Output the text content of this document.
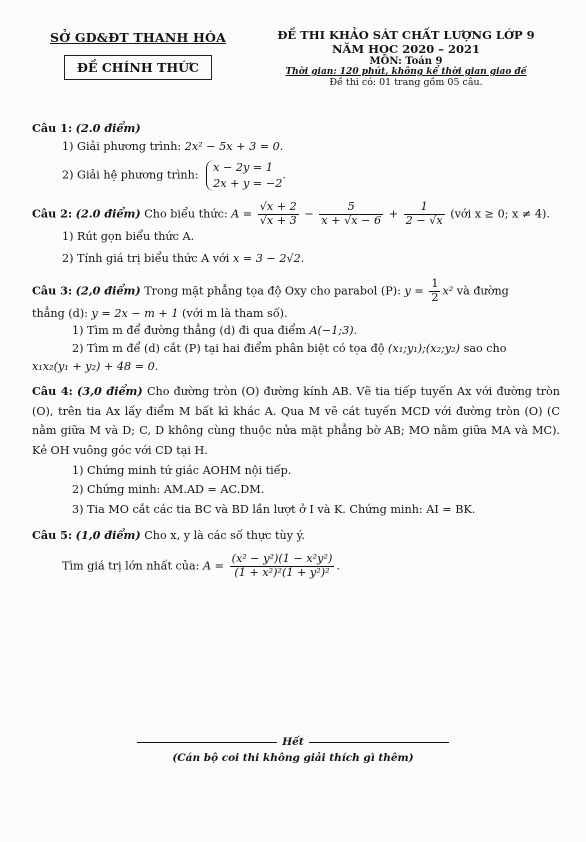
SỞ GD&ĐT THANH HÓA
ĐỀ CHÍNH THỨC
ĐỀ THI KHẢO SÁT CHẤT LƯỢNG LỚP 9
NĂM HỌC 2020 – 2021
MÔN: Toán 9
Thời gian: 120 phút, không kể thời gian giao đề
Đề thi có: 01 trang gồm 05 câu.
Câu 1: (2.0 điểm)
1) Giải phương trình: 2x² − 5x + 3 = 0.
2) Giải hệ phương trình:
x − 2y = 1
2x + y = −2
.
Câu 2: (2.0 điểm) Cho biểu thức: $A = \frac{√x + 2}{√x + 3} - \frac{5}{x + √x - 6} + \frac{1}{2 - √x}$ (với x ≥ 0; x ≠ 4).
1) Rút gọn biểu thức A.
2) Tính giá trị biểu thức A với x = 3 − 2√2.
Câu 3: (2,0 điểm) Trong mặt phẳng tọa độ Oxy cho parabol (P): $y = \frac{1}{2} x^2$ và đường
thẳng (d): y = 2x − m + 1 (với m là tham số).
1) Tìm m để đường thẳng (d) đi qua điểm A(−1;3).
2) Tìm m để (d) cắt (P) tại hai điểm phân biệt có tọa độ (x₁;y₁);(x₂;y₂) sao cho
x₁x₂(y₁ + y₂) + 48 = 0.
Câu 4: (3,0 điểm) Cho đường tròn (O) đường kính AB. Vẽ tia tiếp tuyến Ax với đường tròn (O), trên tia Ax lấy điểm M bất kì khác A. Qua M vẽ cát tuyến MCD với đường tròn (O) (C nằm giữa M và D; C, D không cùng thuộc nửa mặt phẳng bờ AB; MO nằm giữa MA và MC). Kẻ OH vuông góc với CD tại H.
1) Chứng minh tứ giác AOHM nội tiếp.
2) Chứng minh: AM.AD = AC.DM.
3) Tia MO cắt các tia BC và BD lần lượt ở I và K. Chứng minh: AI = BK.
Câu 5: (1,0 điểm) Cho x, y là các số thực tùy ý.
Tìm giá trị lớn nhất của: $A = \frac{\text{(x² − y²)(1 − x²y²)}}{\text{(1 + x²)²(1 + y²)²}}$ .
Hết
(Cán bộ coi thi không giải thích gì thêm)
